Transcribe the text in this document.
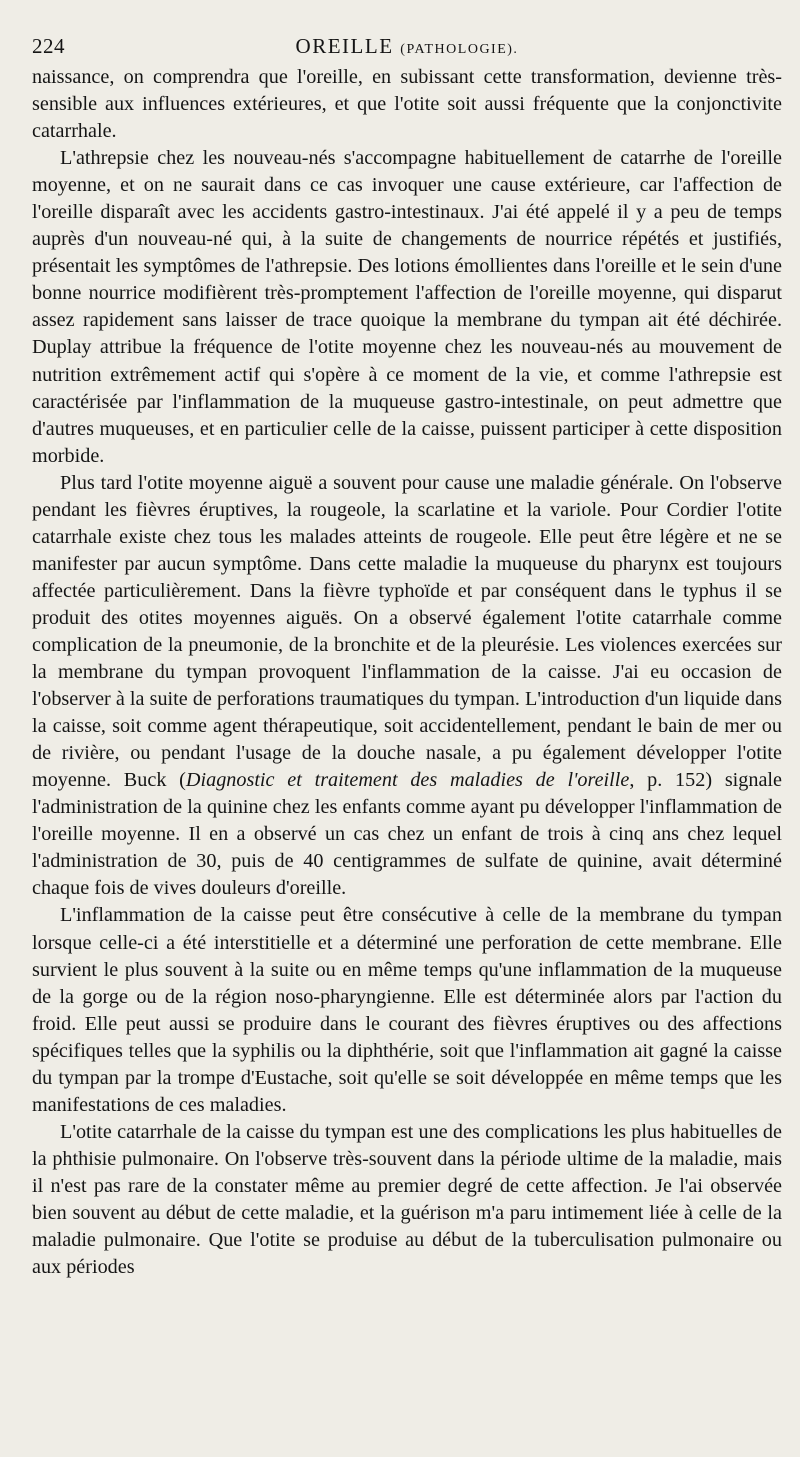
224	OREILLE (PATHOLOGIE).

naissance, on comprendra que l'oreille, en subissant cette transformation, devienne très-sensible aux influences extérieures, et que l'otite soit aussi fréquente que la conjonctivite catarrhale.

L'athrepsie chez les nouveau-nés s'accompagne habituellement de catarrhe de l'oreille moyenne, et on ne saurait dans ce cas invoquer une cause extérieure, car l'affection de l'oreille disparaît avec les accidents gastro-intestinaux. J'ai été appelé il y a peu de temps auprès d'un nouveau-né qui, à la suite de changements de nourrice répétés et justifiés, présentait les symptômes de l'athrepsie. Des lotions émollientes dans l'oreille et le sein d'une bonne nourrice modifièrent très-promptement l'affection de l'oreille moyenne, qui disparut assez rapidement sans laisser de trace quoique la membrane du tympan ait été déchirée. Duplay attribue la fréquence de l'otite moyenne chez les nouveau-nés au mouvement de nutrition extrêmement actif qui s'opère à ce moment de la vie, et comme l'athrepsie est caractérisée par l'inflammation de la muqueuse gastro-intestinale, on peut admettre que d'autres muqueuses, et en particulier celle de la caisse, puissent participer à cette disposition morbide.

Plus tard l'otite moyenne aiguë a souvent pour cause une maladie générale. On l'observe pendant les fièvres éruptives, la rougeole, la scarlatine et la variole. Pour Cordier l'otite catarrhale existe chez tous les malades atteints de rougeole. Elle peut être légère et ne se manifester par aucun symptôme. Dans cette maladie la muqueuse du pharynx est toujours affectée particulièrement. Dans la fièvre typhoïde et par conséquent dans le typhus il se produit des otites moyennes aiguës. On a observé également l'otite catarrhale comme complication de la pneumonie, de la bronchite et de la pleurésie. Les violences exercées sur la membrane du tympan provoquent l'inflammation de la caisse. J'ai eu occasion de l'observer à la suite de perforations traumatiques du tympan. L'introduction d'un liquide dans la caisse, soit comme agent thérapeutique, soit accidentellement, pendant le bain de mer ou de rivière, ou pendant l'usage de la douche nasale, a pu également développer l'otite moyenne. Buck (Diagnostic et traitement des maladies de l'oreille, p. 152) signale l'administration de la quinine chez les enfants comme ayant pu développer l'inflammation de l'oreille moyenne. Il en a observé un cas chez un enfant de trois à cinq ans chez lequel l'administration de 30, puis de 40 centigrammes de sulfate de quinine, avait déterminé chaque fois de vives douleurs d'oreille.

L'inflammation de la caisse peut être consécutive à celle de la membrane du tympan lorsque celle-ci a été interstitielle et a déterminé une perforation de cette membrane. Elle survient le plus souvent à la suite ou en même temps qu'une inflammation de la muqueuse de la gorge ou de la région noso-pharyngienne. Elle est déterminée alors par l'action du froid. Elle peut aussi se produire dans le courant des fièvres éruptives ou des affections spécifiques telles que la syphilis ou la diphthérie, soit que l'inflammation ait gagné la caisse du tympan par la trompe d'Eustache, soit qu'elle se soit développée en même temps que les manifestations de ces maladies.

L'otite catarrhale de la caisse du tympan est une des complications les plus habituelles de la phthisie pulmonaire. On l'observe très-souvent dans la période ultime de la maladie, mais il n'est pas rare de la constater même au premier degré de cette affection. Je l'ai observée bien souvent au début de cette maladie, et la guérison m'a paru intimement liée à celle de la maladie pulmonaire. Que l'otite se produise au début de la tuberculisation pulmonaire ou aux périodes
